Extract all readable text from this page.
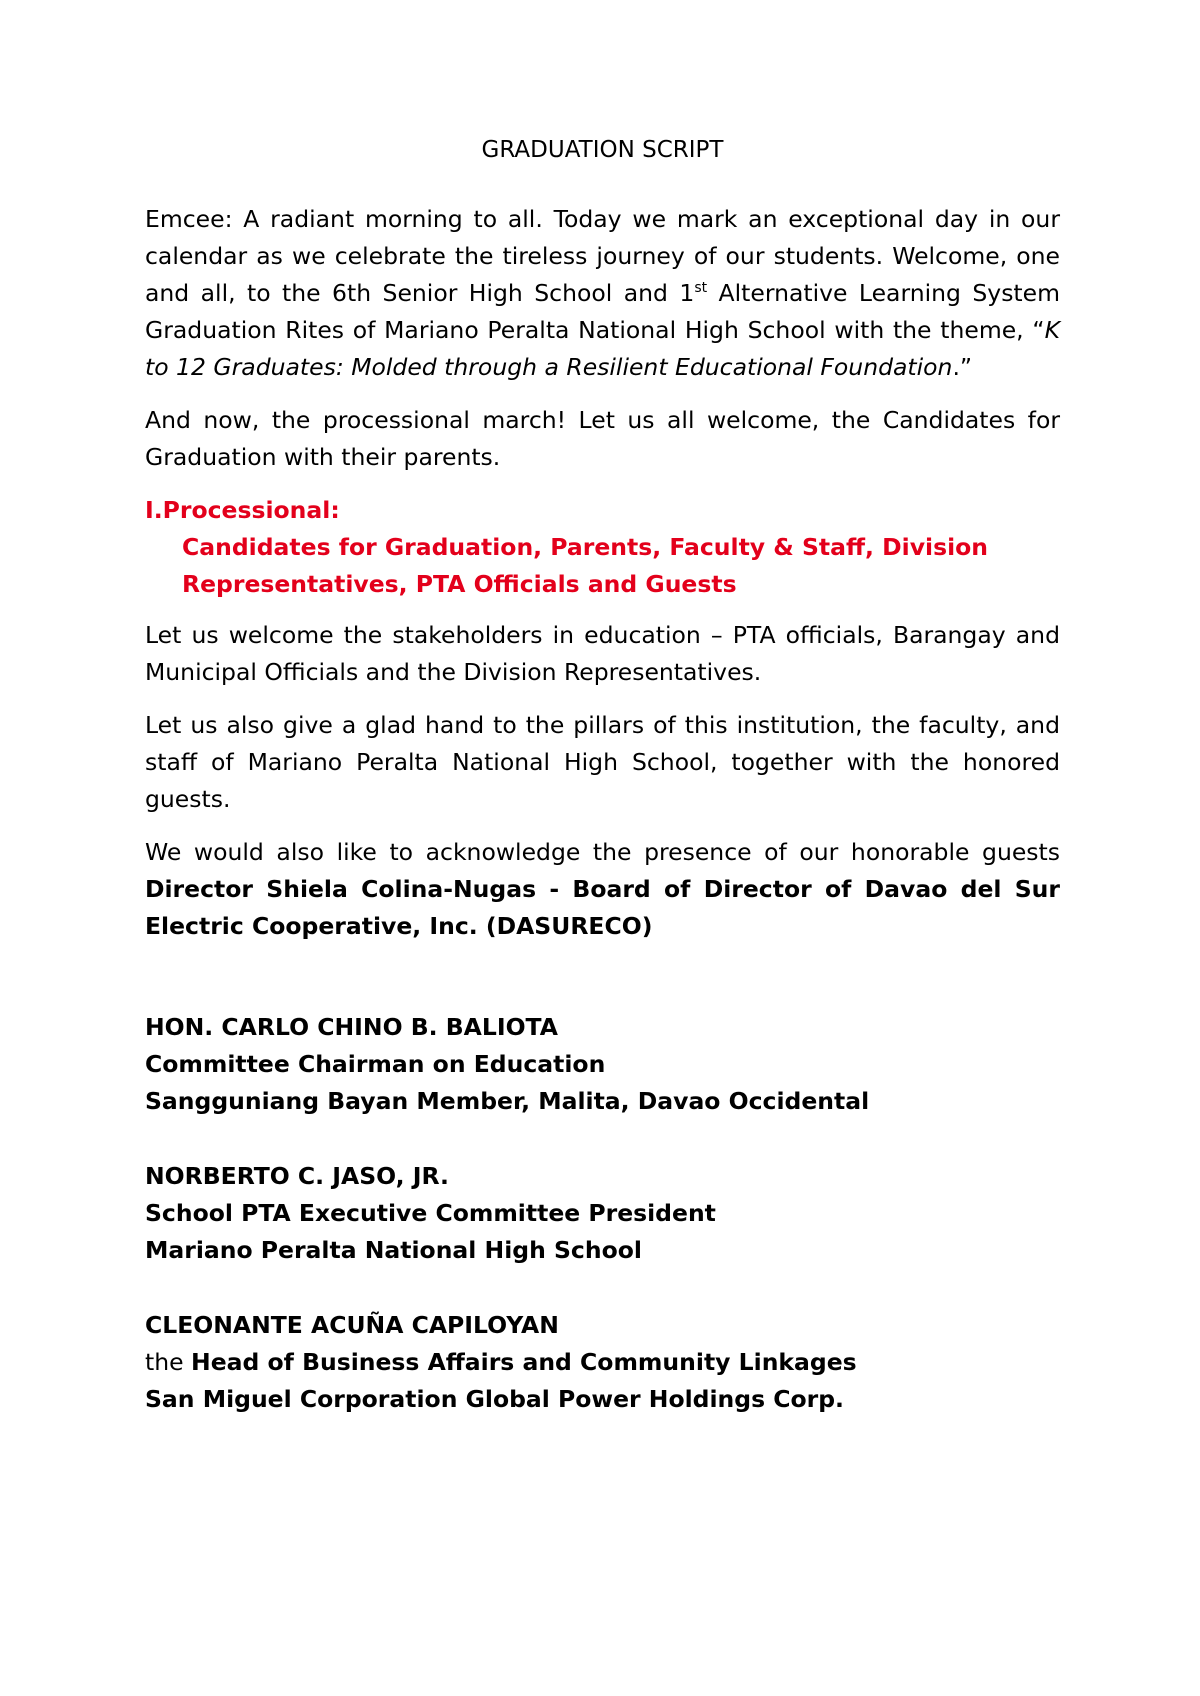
GRADUATION SCRIPT

Emcee: A radiant morning to all. Today we mark an exceptional day in our calendar as we celebrate the tireless journey of our students. Welcome, one and all, to the 6th Senior High School and 1st Alternative Learning System Graduation Rites of Mariano Peralta National High School with the theme, “K to 12 Graduates: Molded through a Resilient Educational Foundation.”

And now, the processional march! Let us all welcome, the Candidates for Graduation with their parents.

I.Processional:
Candidates for Graduation, Parents, Faculty & Staff, Division Representatives, PTA Officials and Guests

Let us welcome the stakeholders in education – PTA officials, Barangay and Municipal Officials and the Division Representatives.

Let us also give a glad hand to the pillars of this institution, the faculty, and staff of Mariano Peralta National High School, together with the honored guests.

We would also like to acknowledge the presence of our honorable guests Director Shiela Colina-Nugas - Board of Director of Davao del Sur Electric Cooperative, Inc. (DASURECO)

HON. CARLO CHINO B. BALIOTA
Committee Chairman on Education
Sangguniang Bayan Member, Malita, Davao Occidental
NORBERTO C. JASO, JR.
School PTA Executive Committee President
Mariano Peralta National High School
CLEONANTE ACUÑA CAPILOYAN
the Head of Business Affairs and Community Linkages
San Miguel Corporation Global Power Holdings Corp.
